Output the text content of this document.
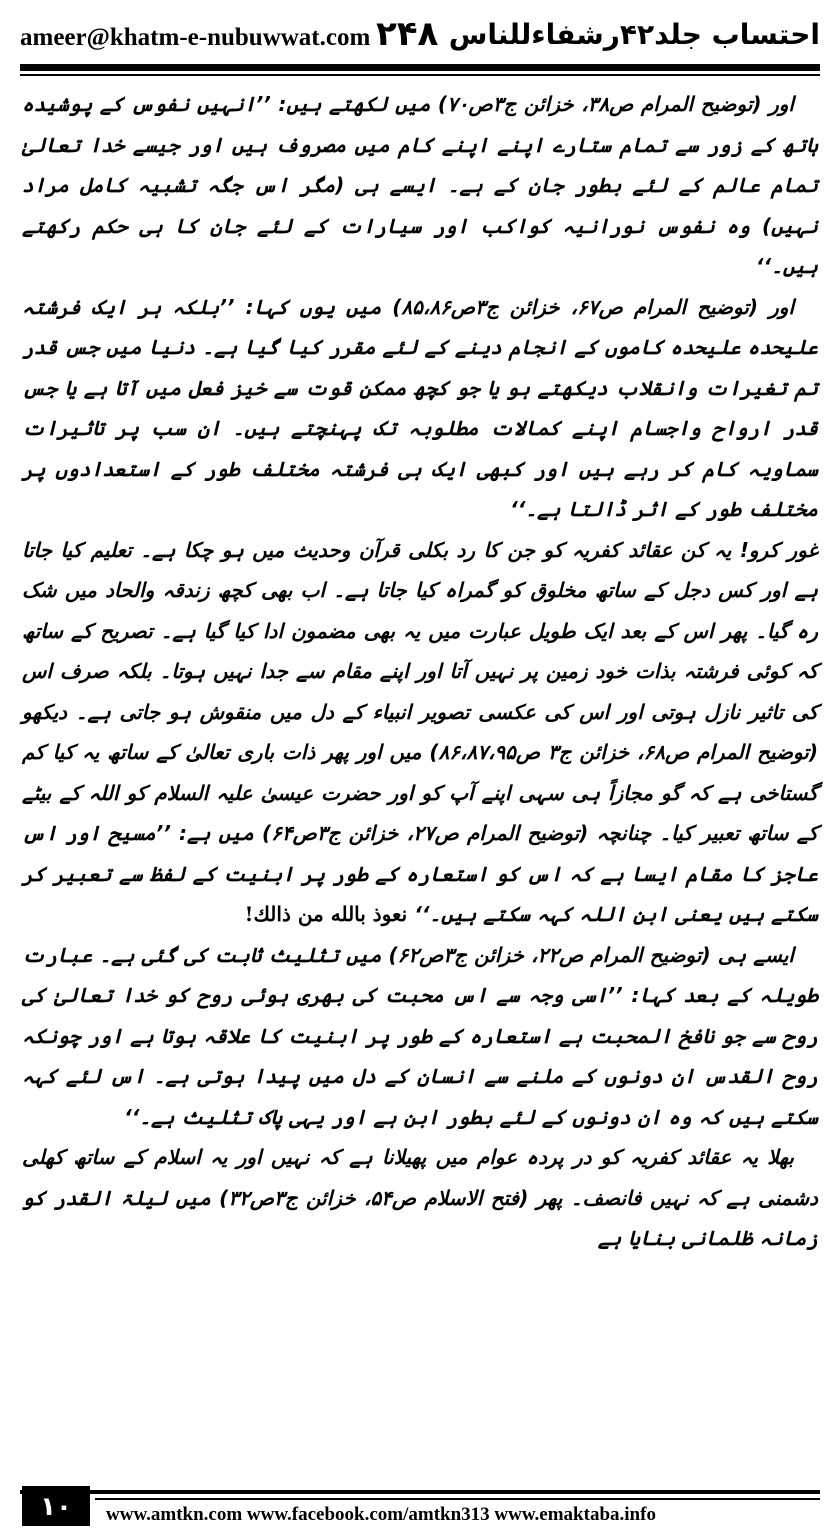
ameer@khatm-e-nubuwwat.com ۲۴۸ احتساب جلد۴۲رشفاءللناس

اور (توضیح المرام ص۳۸، خزائن ج۳ص۷۰) میں لکھتے ہیں: ’’انہیں نفوس کے پوشیدہ ہاتھ کے زور سے تمام ستارے اپنے اپنے کام میں مصروف ہیں اور جیسے خدا تعالیٰ تمام عالم کے لئے بطور جان کے ہے۔ ایسے ہی (مگر اس جگہ تشبیہ کامل مراد نہیں) وہ نفوس نورانیہ کواکب اور سیارات کے لئے جان کا ہی حکم رکھتے ہیں۔‘‘

اور (توضیح المرام ص۶۷، خزائن ج۳ص۸۵،۸۶) میں یوں کہا: ’’بلکہ ہر ایک فرشتہ علیحدہ علیحدہ کاموں کے انجام دینے کے لئے مقرر کیا گیا ہے۔ دنیا میں جس قدر تم تغیرات وانقلاب دیکھتے ہو یا جو کچھ ممکن قوت سے خیز فعل میں آتا ہے یا جس قدر ارواح واجسام اپنے کمالات مطلوبہ تک پہنچتے ہیں۔ ان سب پر تاثیرات سماویہ کام کر رہے ہیں اور کبھی ایک ہی فرشتہ مختلف طور کے استعدادوں پر مختلف طور کے اثر ڈالتا ہے۔‘‘

غور کرو! یہ کن عقائد کفریہ کو جن کا رد بکلی قرآن وحدیث میں ہو چکا ہے۔ تعلیم کیا جاتا ہے اور کس دجل کے ساتھ مخلوق کو گمراہ کیا جاتا ہے۔ اب بھی کچھ زندقہ والحاد میں شک رہ گیا۔ پھر اس کے بعد ایک طویل عبارت میں یہ بھی مضمون ادا کیا گیا ہے۔ تصریح کے ساتھ کہ کوئی فرشتہ بذات خود زمین پر نہیں آتا اور اپنے مقام سے جدا نہیں ہوتا۔ بلکہ صرف اس کی تاثیر نازل ہوتی اور اس کی عکسی تصویر انبیاء کے دل میں منقوش ہو جاتی ہے۔ دیکھو (توضیح المرام ص۶۸، خزائن ج۳ ص۸۶،۸۷،۹۵) میں اور پھر ذات باری تعالیٰ کے ساتھ یہ کیا کم گستاخی ہے کہ گو مجازاً ہی سہی اپنے آپ کو اور حضرت عیسیٰ علیہ السلام کو اللہ کے بیٹے کے ساتھ تعبیر کیا۔ چنانچہ (توضیح المرام ص۲۷، خزائن ج۳ص۶۴) میں ہے: ’’مسیح اور اس عاجز کا مقام ایسا ہے کہ اس کو استعارہ کے طور پر ابنیت کے لفظ سے تعبیر کر سکتے ہیں یعنی ابن اللہ کہہ سکتے ہیں۔‘‘ نعوذ بالله من ذالك!

ایسے ہی (توضیح المرام ص۲۲، خزائن ج۳ص۶۲) میں تثلیث ثابت کی گئی ہے۔ عبارت طویلہ کے بعد کہا: ’’اسی وجہ سے اس محبت کی بھری ہوئی روح کو خدا تعالیٰ کی روح سے جو نافخ المحبت ہے استعارہ کے طور پر ابنیت کا علاقہ ہوتا ہے اور چونکہ روح القدس ان دونوں کے ملنے سے انسان کے دل میں پیدا ہوتی ہے۔ اس لئے کہہ سکتے ہیں کہ وہ ان دونوں کے لئے بطور ابن ہے اور یہی پاک تثلیث ہے۔‘‘

بھلا یہ عقائد کفریہ کو در پردہ عوام میں پھیلانا ہے کہ نہیں اور یہ اسلام کے ساتھ کھلی دشمنی ہے کہ نہیں فانصف۔ پھر (فتح الاسلام ص۵۴، خزائن ج۳ص۳۲) میں لیلۃ القدر کو زمانہ ظلمانی بنایا ہے

۱۰	www.amtkn.com www.facebook.com/amtkn313 www.emaktaba.info
